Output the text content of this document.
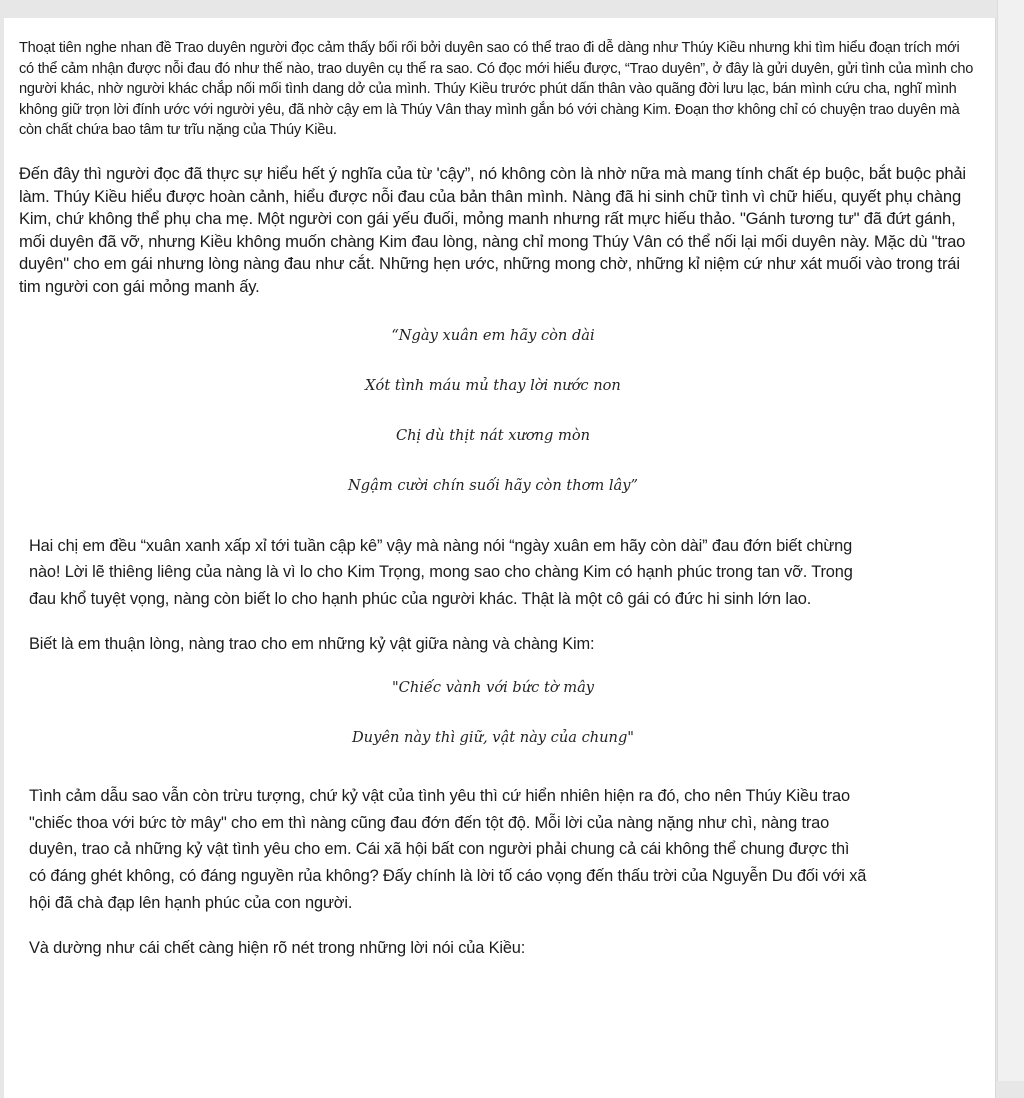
Thoạt tiên nghe nhan đề Trao duyên người đọc cảm thấy bối rối bởi duyên sao có thể trao đi dễ dàng như Thúy Kiều nhưng khi tìm hiểu đoạn trích mới có thể cảm nhận được nỗi đau đó như thế nào, trao duyên cụ thể ra sao. Có đọc mới hiểu được, “Trao duyên”, ở đây là gửi duyên, gửi tình của mình cho người khác, nhờ người khác chắp nối mối tình dang dở của mình. Thúy Kiều trước phút dấn thân vào quãng đời lưu lạc, bán mình cứu cha, nghĩ mình không giữ trọn lời đính ước với người yêu, đã nhờ cậy em là Thúy Vân thay mình gắn bó với chàng Kim. Đoạn thơ không chỉ có chuyện trao duyên mà còn chất chứa bao tâm tư trĩu nặng của Thúy Kiều.

Đến đây thì người đọc đã thực sự hiểu hết ý nghĩa của từ 'cậy”, nó không còn là nhờ nữa mà mang tính chất ép buộc, bắt buộc phải làm. Thúy Kiều hiểu được hoàn cảnh, hiểu được nỗi đau của bản thân mình. Nàng đã hi sinh chữ tình vì chữ hiếu, quyết phụ chàng Kim, chứ không thể phụ cha mẹ. Một người con gái yếu đuối, mỏng manh nhưng rất mực hiếu thảo. "Gánh tương tư" đã đứt gánh, mối duyên đã vỡ, nhưng Kiều không muốn chàng Kim đau lòng, nàng chỉ mong Thúy Vân có thể nối lại mối duyên này. Mặc dù "trao duyên" cho em gái nhưng lòng nàng đau như cắt. Những hẹn ước, những mong chờ, những kỉ niệm cứ như xát muối vào trong trái tim người con gái mỏng manh ấy.

“Ngày xuân em hãy còn dài

Xót tình máu mủ thay lời nước non

Chị dù thịt nát xương mòn

Ngậm cười chín suối hãy còn thơm lây”

Hai chị em đều “xuân xanh xấp xỉ tới tuần cập kê” vậy mà nàng nói “ngày xuân em hãy còn dài” đau đớn biết chừng nào! Lời lẽ thiêng liêng của nàng là vì lo cho Kim Trọng, mong sao cho chàng Kim có hạnh phúc trong tan vỡ. Trong đau khổ tuyệt vọng, nàng còn biết lo cho hạnh phúc của người khác. Thật là một cô gái có đức hi sinh lớn lao.

Biết là em thuận lòng, nàng trao cho em những kỷ vật giữa nàng và chàng Kim:

"Chiếc vành với bức tờ mây

Duyên này thì giữ, vật này của chung"

Tình cảm dẫu sao vẫn còn trừu tượng, chứ kỷ vật của tình yêu thì cứ hiển nhiên hiện ra đó, cho nên Thúy Kiều trao "chiếc thoa với bức tờ mây" cho em thì nàng cũng đau đớn đến tột độ. Mỗi lời của nàng nặng như chì, nàng trao duyên, trao cả những kỷ vật tình yêu cho em. Cái xã hội bất con người phải chung cả cái không thể chung được thì có đáng ghét không, có đáng nguyền rủa không? Đấy chính là lời tố cáo vọng đến thấu trời của Nguyễn Du đối với xã hội đã chà đạp lên hạnh phúc của con người.

Và dường như cái chết càng hiện rõ nét trong những lời nói của Kiều:
